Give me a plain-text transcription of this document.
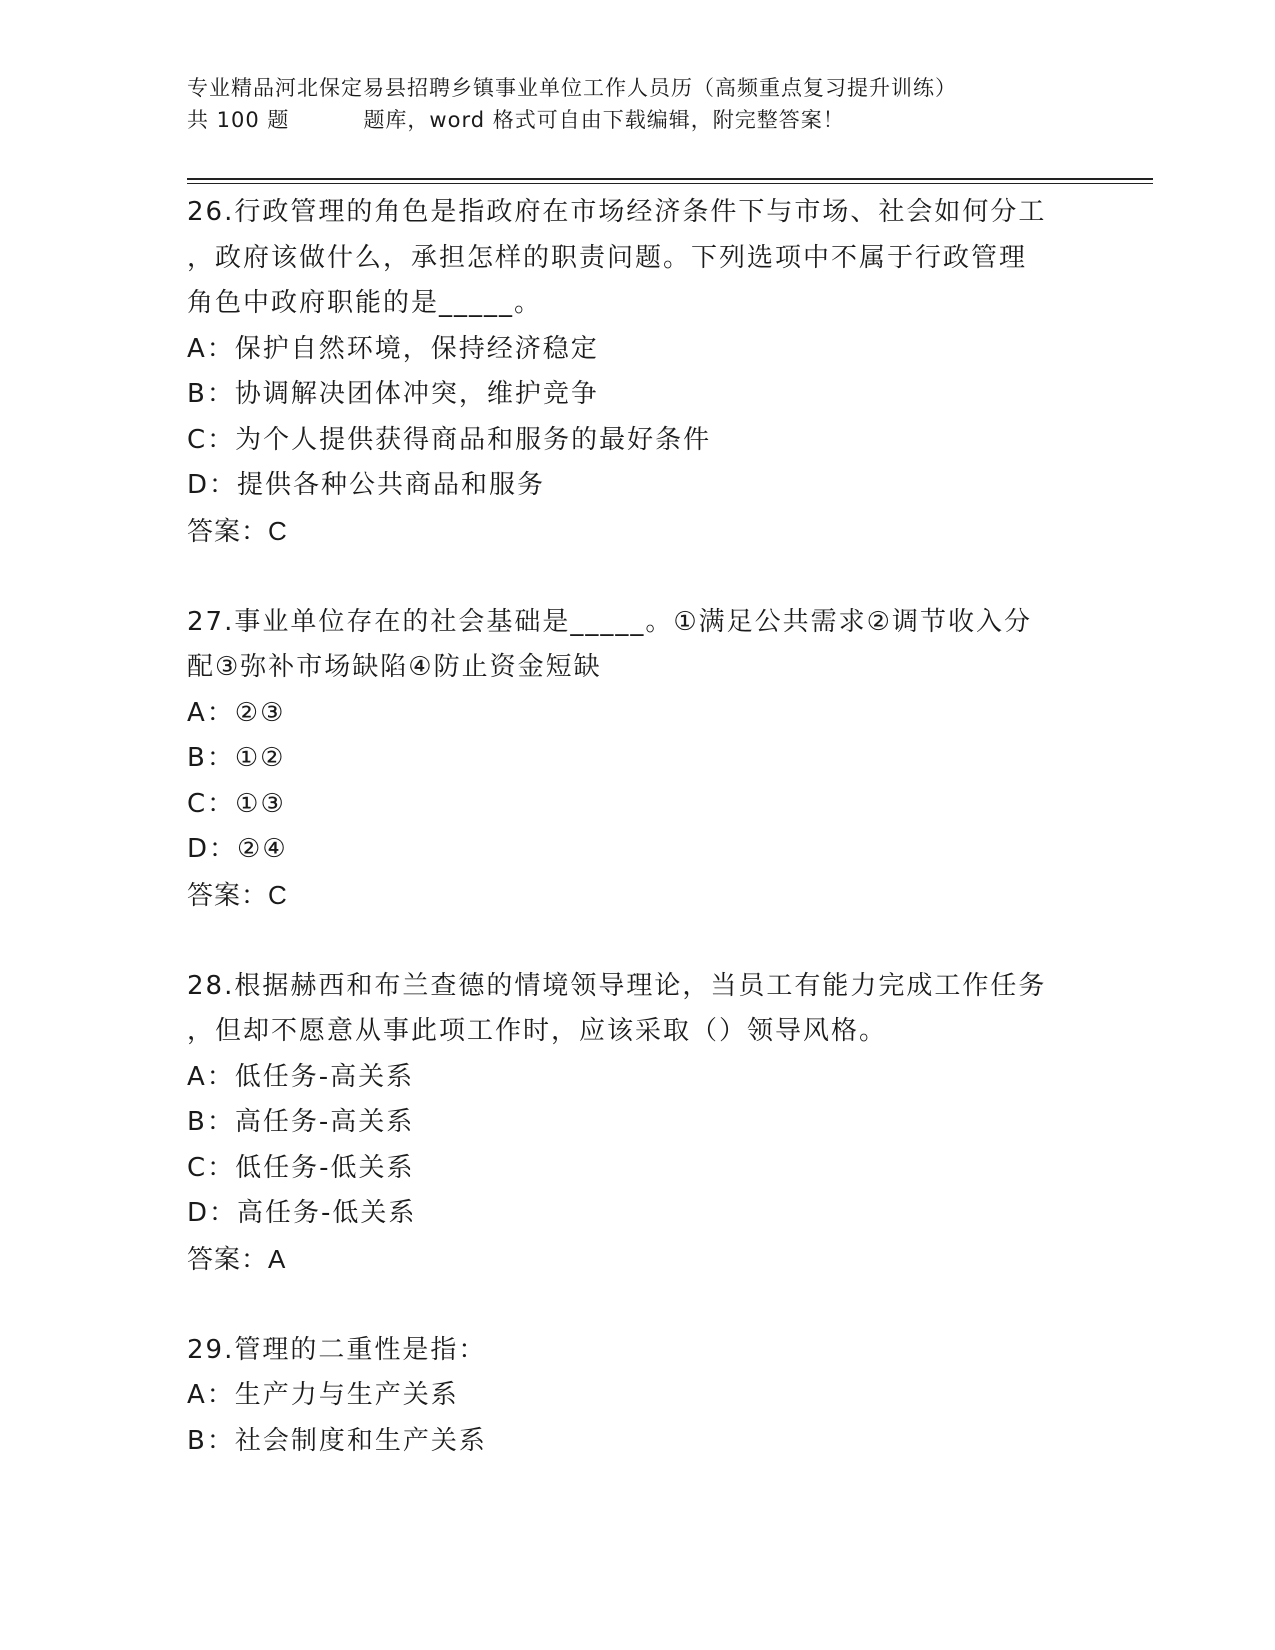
专业精品河北保定易县招聘乡镇事业单位工作人员历（高频重点复习提升训练）
共 100 题	题库，word 格式可自由下载编辑，附完整答案！
26.行政管理的角色是指政府在市场经济条件下与市场、社会如何分工
，政府该做什么，承担怎样的职责问题。下列选项中不属于行政管理
角色中政府职能的是_____。
A：保护自然环境，保持经济稳定
B：协调解决团体冲突，维护竞争
C：为个人提供获得商品和服务的最好条件
D：提供各种公共商品和服务
答案：C
27.事业单位存在的社会基础是_____。①满足公共需求②调节收入分
配③弥补市场缺陷④防止资金短缺
A：②③
B：①②
C：①③
D：②④
答案：C
28.根据赫西和布兰查德的情境领导理论，当员工有能力完成工作任务
，但却不愿意从事此项工作时，应该采取（）领导风格。
A：低任务-高关系
B：高任务-高关系
C：低任务-低关系
D：高任务-低关系
答案：A
29.管理的二重性是指：
A：生产力与生产关系
B：社会制度和生产关系
